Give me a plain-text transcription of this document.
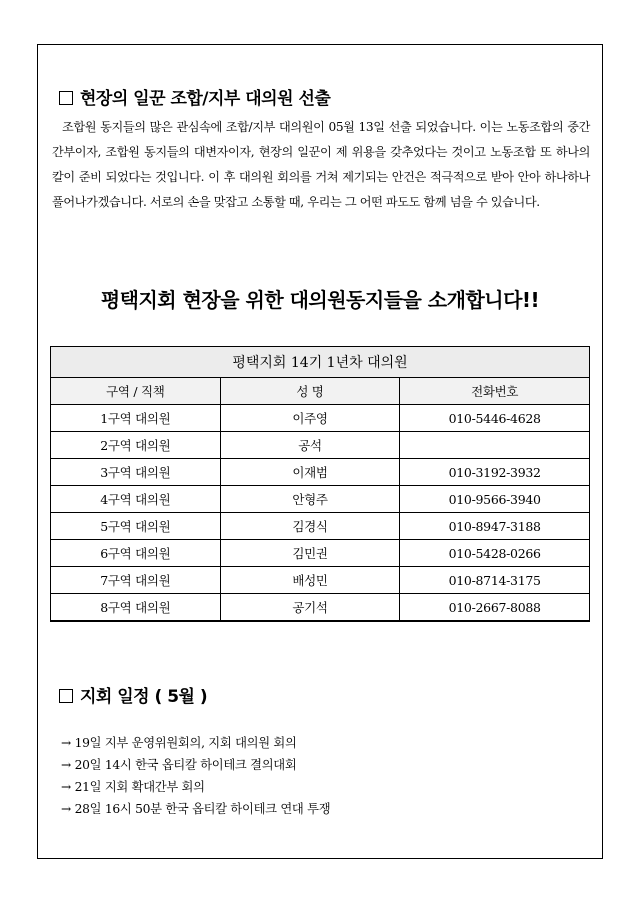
현장의 일꾼 조합/지부 대의원 선출

조합원 동지들의 많은 관심속에 조합/지부 대의원이 05월 13일 선출 되었습니다. 이는 노동조합의 중간 간부이자, 조합원 동지들의 대변자이자, 현장의 일꾼이 제 위용을 갖추었다는 것이고 노동조합 또 하나의 칼이 준비 되었다는 것입니다. 이 후 대의원 회의를 거쳐 제기되는 안건은 적극적으로 받아 안아 하나하나 풀어나가겠습니다. 서로의 손을 맞잡고 소통할 때, 우리는 그 어떤 파도도 함께 넘을 수 있습니다.

평택지회 현장을 위한 대의원동지들을 소개합니다!!
평택지회 14기 1년차 대의원		
구역 / 직책	성 명	전화번호
1구역 대의원	이주영	010-5446-4628
2구역 대의원	공석	
3구역 대의원	이재범	010-3192-3932
4구역 대의원	안형주	010-9566-3940
5구역 대의원	김경식	010-8947-3188
6구역 대의원	김민권	010-5428-0266
7구역 대의원	배성민	010-8714-3175
8구역 대의원	공기석	010-2667-8088
지회 일정 ( 5월 )
→ 19일 지부 운영위원회의, 지회 대의원 회의
→ 20일 14시 한국 옵티칼 하이테크 결의대회
→ 21일 지회 확대간부 회의
→ 28일 16시 50분 한국 옵티칼 하이테크 연대 투쟁
